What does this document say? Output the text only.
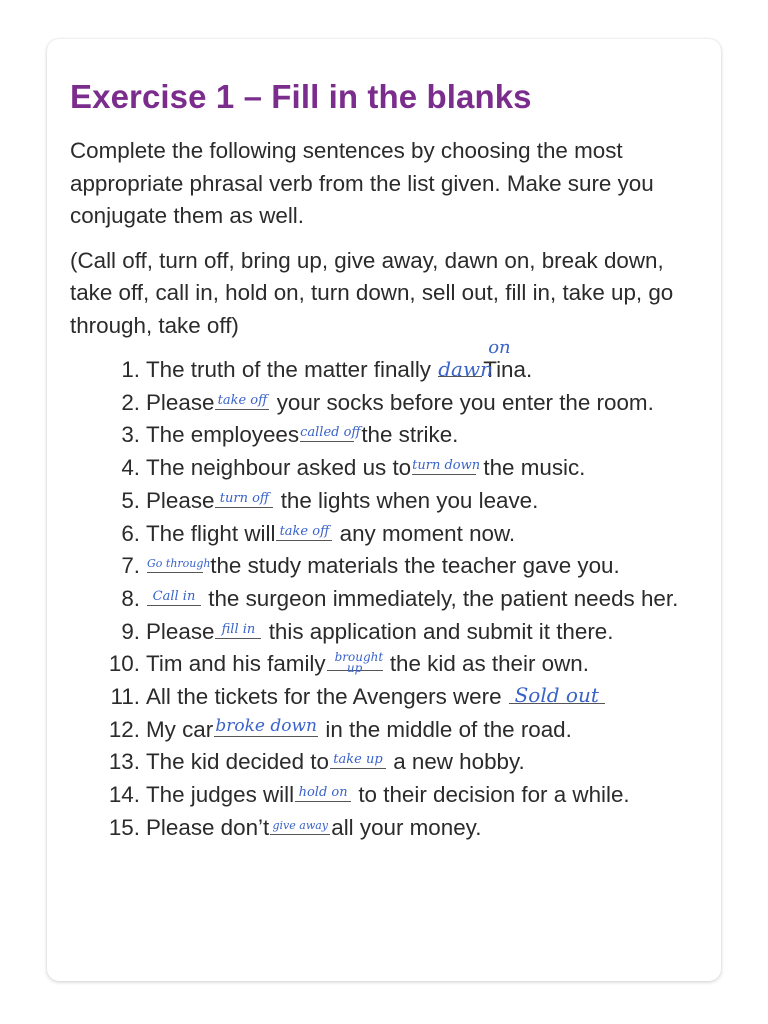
Exercise 1 – Fill in the blanks

Complete the following sentences by choosing the most appropriate phrasal verb from the list given. Make sure you conjugate them as well.

(Call off, turn off, bring up, give away, dawn on, break down, take off, call in, hold on, turn down, sell out, fill in, take up, go through, take off)

1. The truth of the matter finally dawn
on
Tina.
2. Please take off your socks before you enter the room.
3. The employees called off
the strike.
4. The neighbour asked us to turn down
the music.
5. Please turn off the lights when you leave.
6. The flight will take off any moment now.
7. Go through
the study materials the teacher gave you.
8. Call in the surgeon immediately, the patient needs her.
9. Please fill in this application and submit it there.
10. Tim and his family brought up the kid as their own.
11. All the tickets for the Avengers were Sold out
12. My car broke down in the middle of the road.
13. The kid decided to take up a new hobby.
14. The judges will hold on to their decision for a while.
15. Please don’t give away all your money.
